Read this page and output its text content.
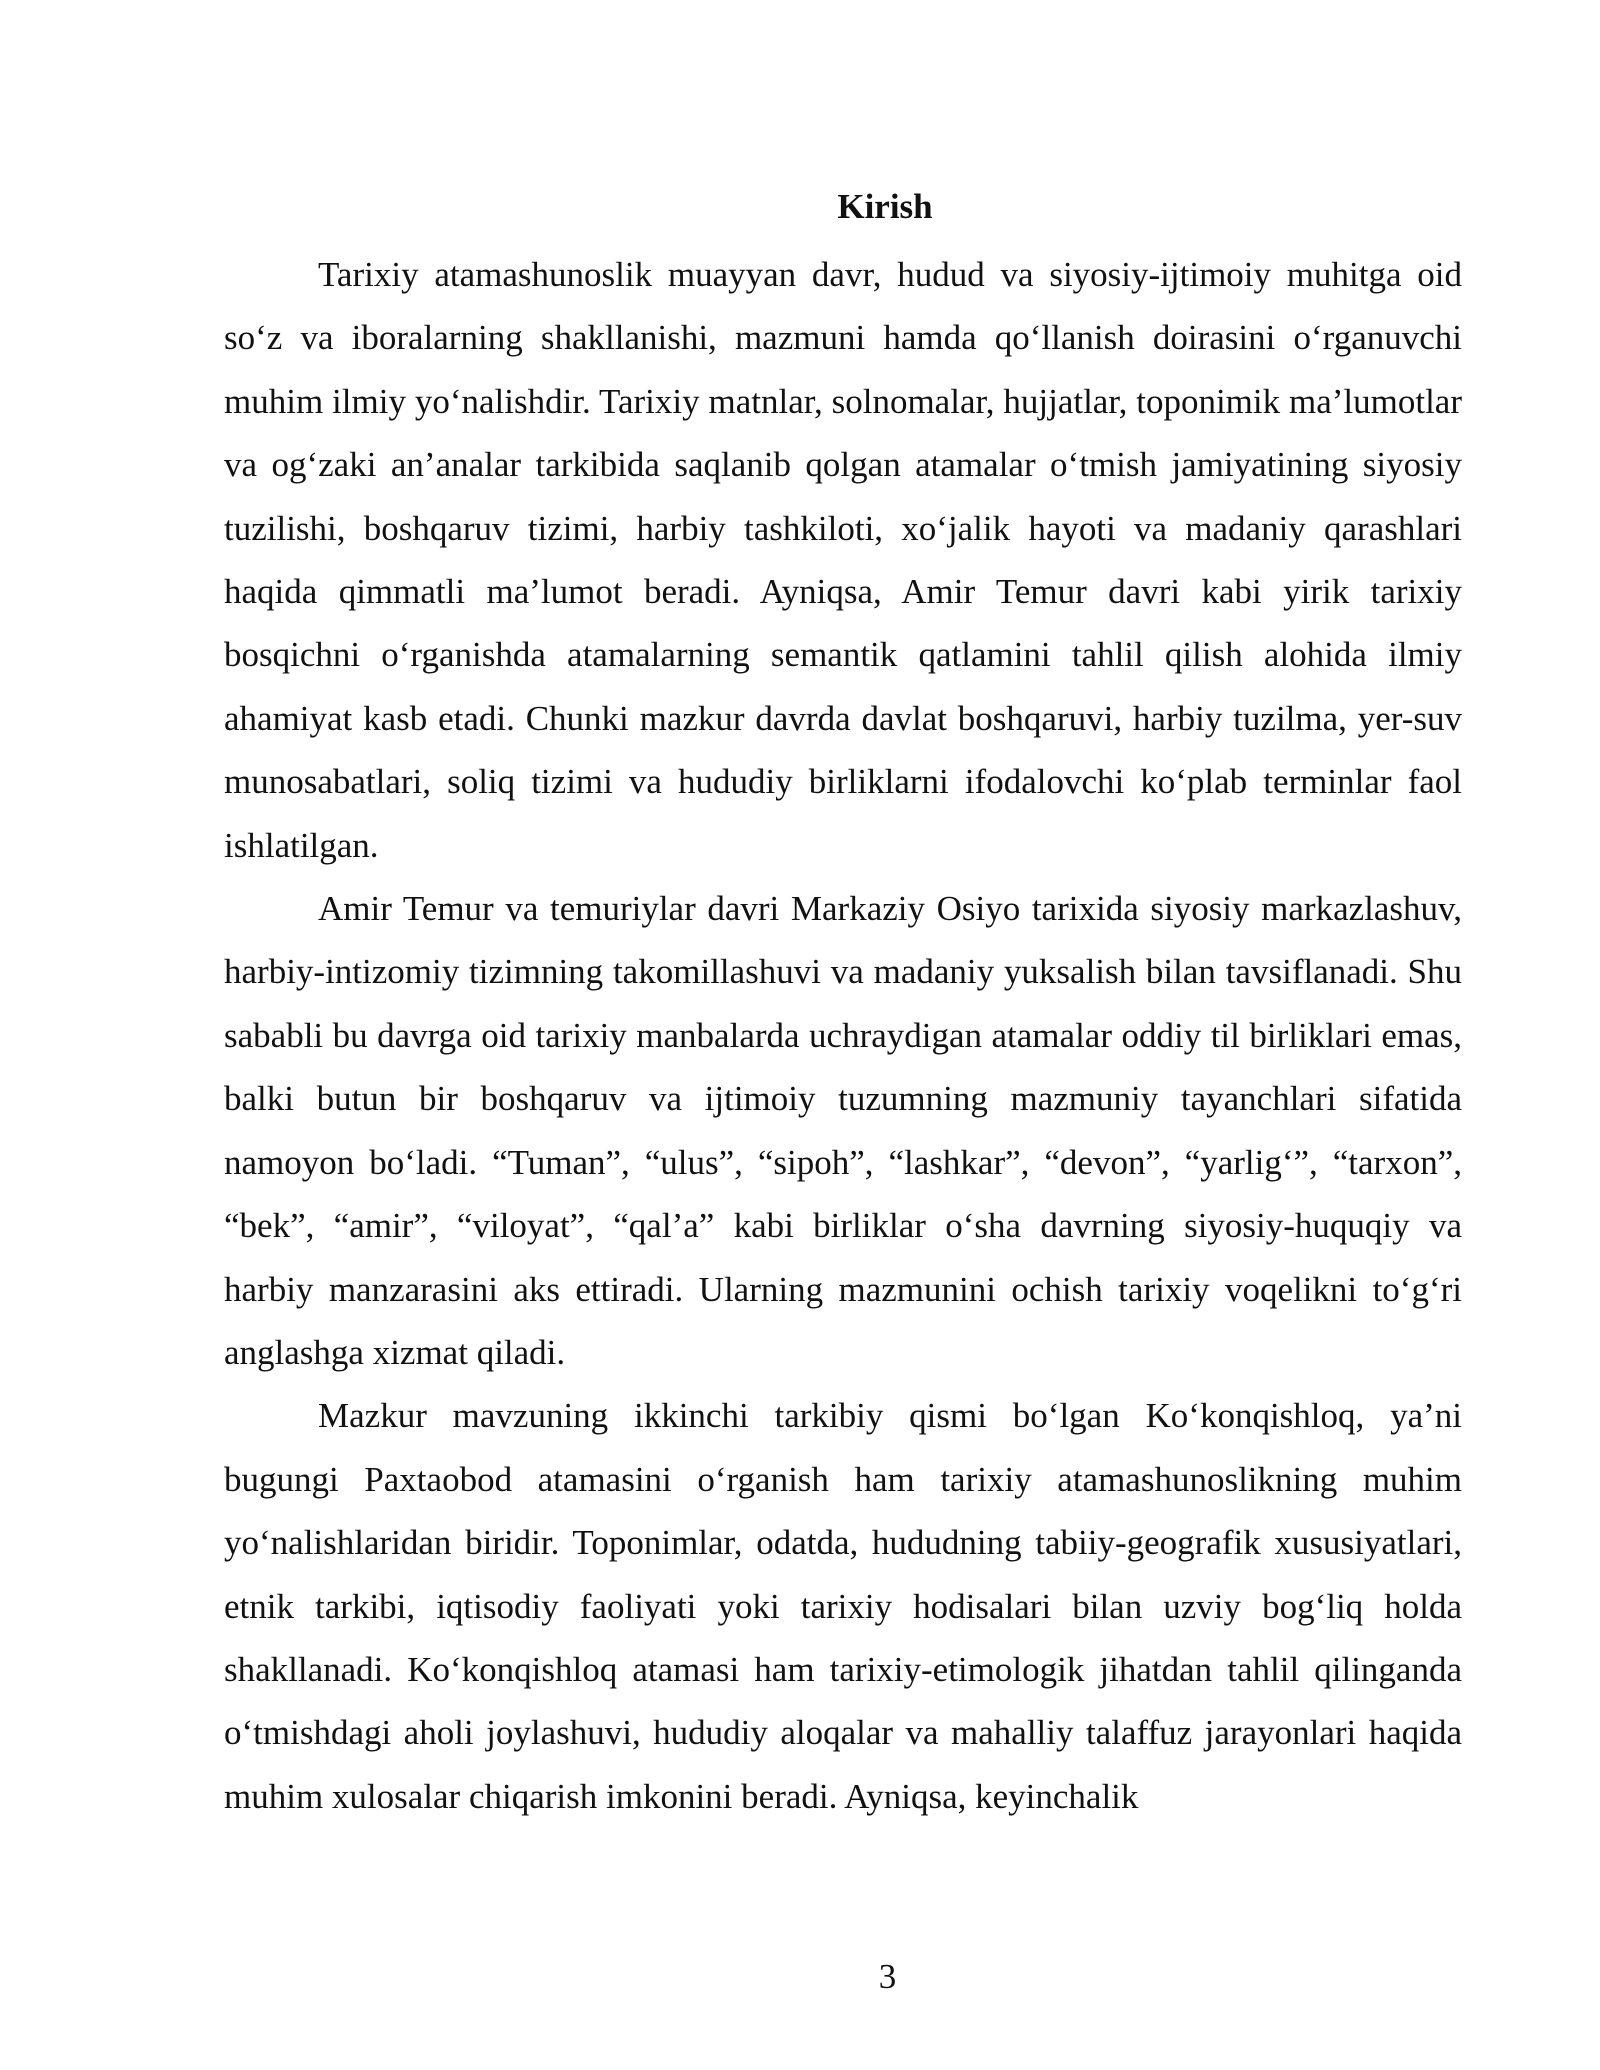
Kirish

Tarixiy atamashunoslik muayyan davr, hudud va siyosiy-ijtimoiy muhitga oid so‘z va iboralarning shakllanishi, mazmuni hamda qo‘llanish doirasini o‘rganuvchi muhim ilmiy yo‘nalishdir. Tarixiy matnlar, solnomalar, hujjatlar, toponimik ma’lumotlar va og‘zaki an’analar tarkibida saqlanib qolgan atamalar o‘tmish jamiyatining siyosiy tuzilishi, boshqaruv tizimi, harbiy tashkiloti, xo‘jalik hayoti va madaniy qarashlari haqida qimmatli ma’lumot beradi. Ayniqsa, Amir Temur davri kabi yirik tarixiy bosqichni o‘rganishda atamalarning semantik qatlamini tahlil qilish alohida ilmiy ahamiyat kasb etadi. Chunki mazkur davrda davlat boshqaruvi, harbiy tuzilma, yer-suv munosabatlari, soliq tizimi va hududiy birliklarni ifodalovchi ko‘plab terminlar faol ishlatilgan.

Amir Temur va temuriylar davri Markaziy Osiyo tarixida siyosiy markazlashuv, harbiy-intizomiy tizimning takomillashuvi va madaniy yuksalish bilan tavsiflanadi. Shu sababli bu davrga oid tarixiy manbalarda uchraydigan atamalar oddiy til birliklari emas, balki butun bir boshqaruv va ijtimoiy tuzumning mazmuniy tayanchlari sifatida namoyon bo‘ladi. “Tuman”, “ulus”, “sipoh”, “lashkar”, “devon”, “yarlig‘”, “tarxon”, “bek”, “amir”, “viloyat”, “qal’a” kabi birliklar o‘sha davrning siyosiy-huquqiy va harbiy manzarasini aks ettiradi. Ularning mazmunini ochish tarixiy voqelikni to‘g‘ri anglashga xizmat qiladi.

Mazkur mavzuning ikkinchi tarkibiy qismi bo‘lgan Ko‘konqishloq, ya’ni bugungi Paxtaobod atamasini o‘rganish ham tarixiy atamashunoslikning muhim yo‘nalishlaridan biridir. Toponimlar, odatda, hududning tabiiy-geografik xususiyatlari, etnik tarkibi, iqtisodiy faoliyati yoki tarixiy hodisalari bilan uzviy bog‘liq holda shakllanadi. Ko‘konqishloq atamasi ham tarixiy-etimologik jihatdan tahlil qilinganda o‘tmishdagi aholi joylashuvi, hududiy aloqalar va mahalliy talaffuz jarayonlari haqida muhim xulosalar chiqarish imkonini beradi. Ayniqsa, keyinchalik

3
